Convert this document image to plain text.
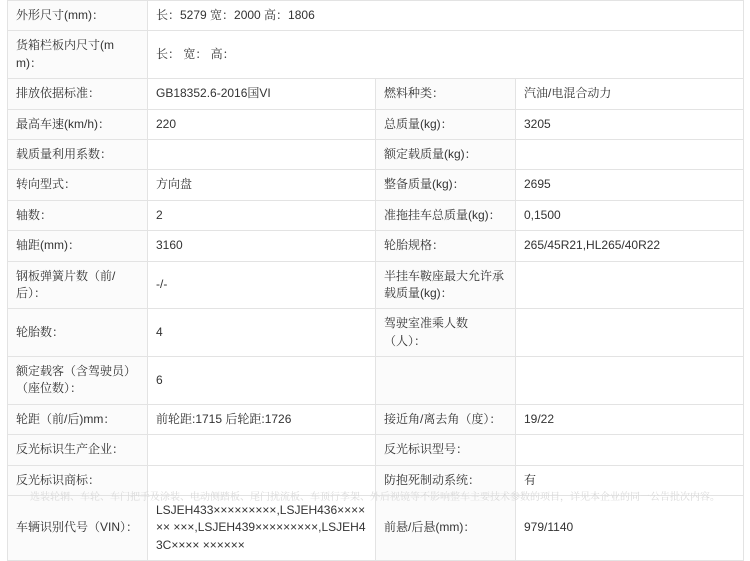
外形尺寸(mm)：	长：5279 宽：2000 高：1806		
货箱栏板内尺寸(mm)：	长： 宽： 高：		
排放依据标准：	GB18352.6-2016国VI	燃料种类：	汽油/电混合动力
最高车速(km/h)：	220	总质量(kg)：	3205
载质量利用系数：		额定载质量(kg)：	
转向型式：	方向盘	整备质量(kg)：	2695
轴数：	2	准拖挂车总质量(kg)：	0,1500
轴距(mm)：	3160	轮胎规格：	265/45R21,HL265/40R22
钢板弹簧片数（前/后）：	-/-	半挂车鞍座最大允许承载质量(kg)：	
轮胎数：	4	驾驶室准乘人数（人）：	
额定载客（含驾驶员）（座位数）：	6		
轮距（前/后)mm：	前轮距:1715 后轮距:1726	接近角/离去角（度）：	19/22
反光标识生产企业：		反光标识型号：	
反光标识商标：		防抱死制动系统：	有
车辆识别代号（VIN）：	LSJEH433×××××××××,LSJEH436×××××× ×××,LSJEH439×××××××××,LSJEH43C×××× ××××××	前悬/后悬(mm)：	979/1140
选装轮辋、车轮、车门把手及涂装、电动侧踏板、尾门扰流板、车顶行李架、外后视镜等不影响整车主要技术参数的项目，详见本企业的同一公告批次内容。
